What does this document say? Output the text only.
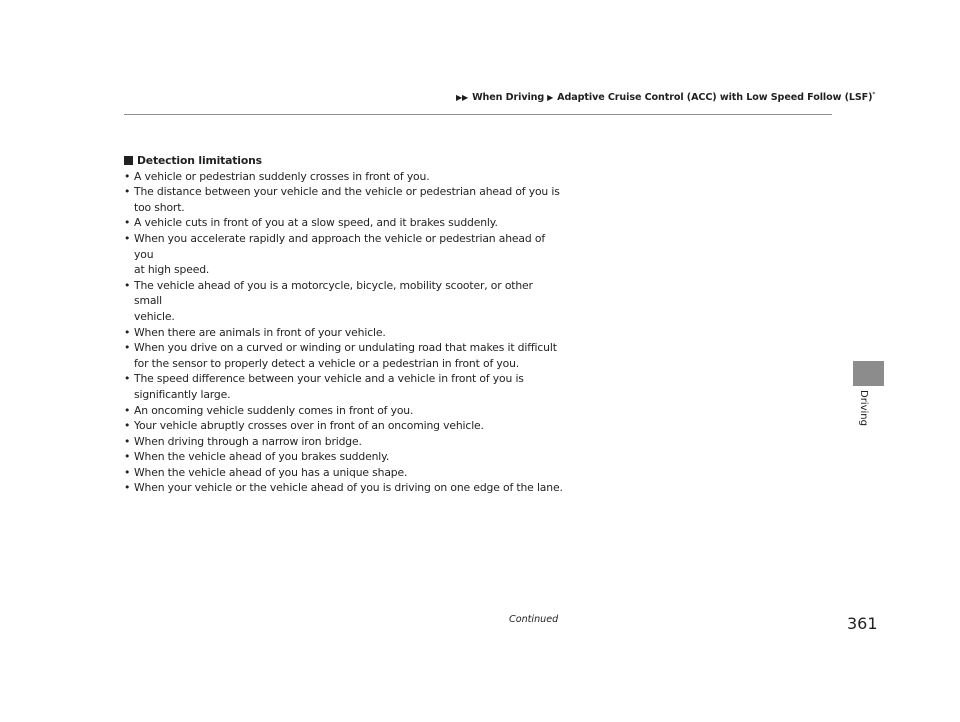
▶▶ When Driving ▶ Adaptive Cruise Control (ACC) with Low Speed Follow (LSF)*

Detection limitations

• A vehicle or pedestrian suddenly crosses in front of you.
• The distance between your vehicle and the vehicle or pedestrian ahead of you is
too short.
• A vehicle cuts in front of you at a slow speed, and it brakes suddenly.
• When you accelerate rapidly and approach the vehicle or pedestrian ahead of you
at high speed.
• The vehicle ahead of you is a motorcycle, bicycle, mobility scooter, or other small
vehicle.
• When there are animals in front of your vehicle.
• When you drive on a curved or winding or undulating road that makes it difficult
for the sensor to properly detect a vehicle or a pedestrian in front of you.
• The speed difference between your vehicle and a vehicle in front of you is
significantly large.
• An oncoming vehicle suddenly comes in front of you.
• Your vehicle abruptly crosses over in front of an oncoming vehicle.
• When driving through a narrow iron bridge.
• When the vehicle ahead of you brakes suddenly.
• When the vehicle ahead of you has a unique shape.
• When your vehicle or the vehicle ahead of you is driving on one edge of the lane.
Driving
Continued	361
